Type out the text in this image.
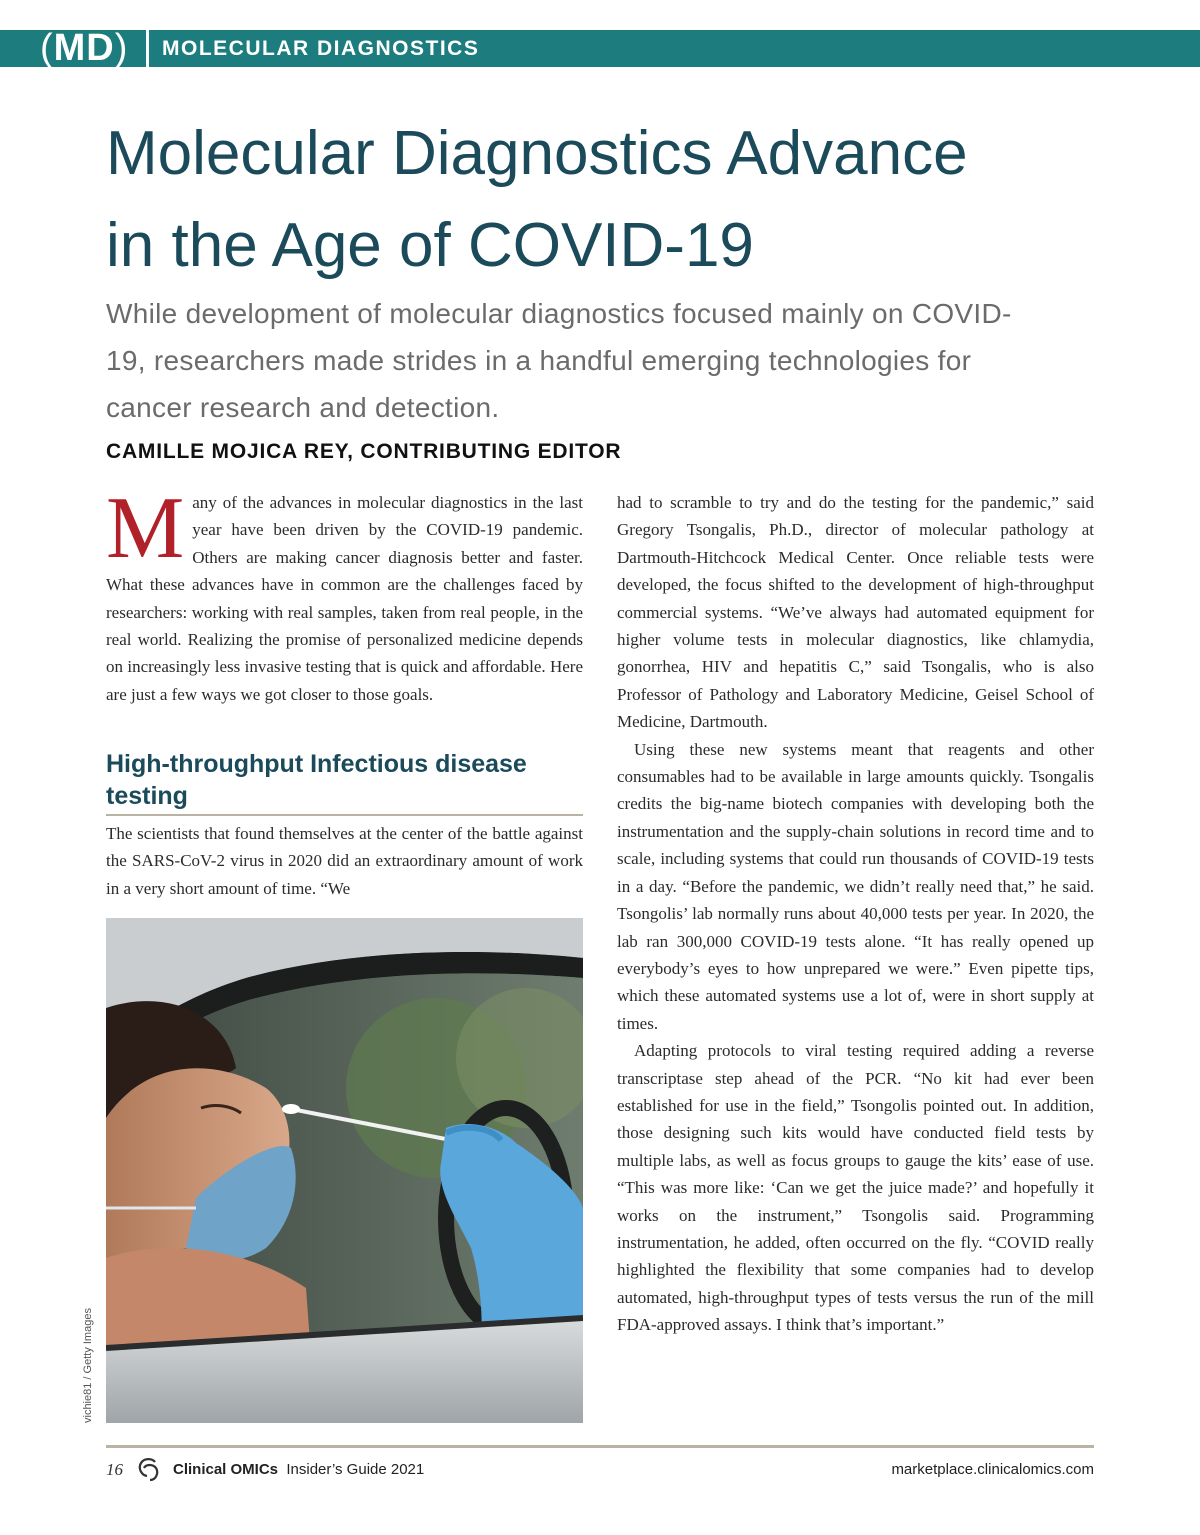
(MD)	MOLECULAR DIAGNOSTICS
Molecular Diagnostics Advance
in the Age of COVID-19

While development of molecular diagnostics focused mainly on COVID-19, researchers made strides in a handful emerging technologies for cancer research and detection.

CAMILLE MOJICA REY, CONTRIBUTING EDITOR
M any of the advances in molecular diagnostics in the last year have been driven by the COVID-19 pandemic. Others are making cancer diagnosis better and faster. What these advances have in common are the challenges faced by researchers: working with real samples, taken from real people, in the real world. Realizing the promise of personalized medicine depends on increasingly less invasive testing that is quick and affordable. Here are just a few ways we got closer to those goals.

High-throughput Infectious disease testing

The scientists that found themselves at the center of the battle against the SARS-CoV-2 virus in 2020 did an extraordinary amount of work in a very short amount of time. “We

vichie81 / Getty Images

had to scramble to try and do the testing for the pandemic,” said Gregory Tsongalis, Ph.D., director of molecular pathology at Dartmouth-Hitchcock Medical Center. Once reliable tests were developed, the focus shifted to the development of high-throughput commercial systems. “We’ve always had automated equipment for higher volume tests in molecular diagnostics, like chlamydia, gonorrhea, HIV and hepatitis C,” said Tsongalis, who is also Professor of Pathology and Laboratory Medicine, Geisel School of Medicine, Dartmouth.

Using these new systems meant that reagents and other consumables had to be available in large amounts quickly. Tsongalis credits the big-name biotech companies with developing both the instrumentation and the supply-chain solutions in record time and to scale, including systems that could run thousands of COVID-19 tests in a day. “Before the pandemic, we didn’t really need that,” he said. Tsongolis’ lab normally runs about 40,000 tests per year. In 2020, the lab ran 300,000 COVID-19 tests alone. “It has really opened up everybody’s eyes to how unprepared we were.” Even pipette tips, which these automated systems use a lot of, were in short supply at times.

Adapting protocols to viral testing required adding a reverse transcriptase step ahead of the PCR. “No kit had ever been established for use in the field,” Tsongolis pointed out. In addition, those designing such kits would have conducted field tests by multiple labs, as well as focus groups to gauge the kits’ ease of use. “This was more like: ‘Can we get the juice made?’ and hopefully it works on the instrument,” Tsongolis said. Programming instrumentation, he added, often occurred on the fly. “COVID really highlighted the flexibility that some companies had to develop automated, high-throughput types of tests versus the run of the mill FDA-approved assays. I think that’s important.”

16	Clinical OMICs Insider’s Guide 2021	marketplace.clinicalomics.com
